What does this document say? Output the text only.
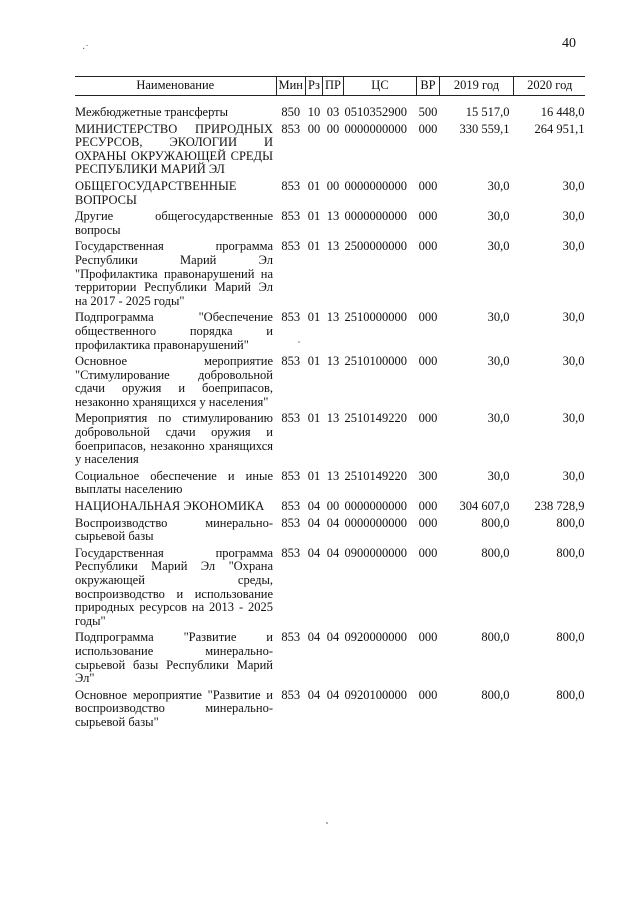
40
·˙
Наименование	Мин	Рз	ПР	ЦС	ВР	2019 год	2020 год

Межбюджетные трансферты	850	10	03	0510352900	500	15 517,0	16 448,0
МИНИСТЕРСТВО ПРИРОДНЫХ РЕСУРСОВ, ЭКОЛОГИИ И ОХРАНЫ ОКРУЖАЮЩЕЙ СРЕДЫ РЕСПУБЛИКИ МАРИЙ ЭЛ	853	00	00	0000000000	000	330 559,1	264 951,1
ОБЩЕГОСУДАРСТВЕННЫЕ ВОПРОСЫ	853	01	00	0000000000	000	30,0	30,0
Другие общегосударственные вопросы	853	01	13	0000000000	000	30,0	30,0
Государственная программа Республики Марий Эл "Профилактика правонарушений на территории Республики Марий Эл на 2017 - 2025 годы"	853	01	13	2500000000	000	30,0	30,0
Подпрограмма "Обеспечение общественного порядка и профилактика правонарушений"	853	01	13	2510000000	000	30,0	30,0
Основное мероприятие "Стимулирование добровольной сдачи оружия и боеприпасов, незаконно хранящихся у населения"	853	01	13	2510100000	000	30,0	30,0
Мероприятия по стимулированию добровольной сдачи оружия и боеприпасов, незаконно хранящихся у населения	853	01	13	2510149220	000	30,0	30,0
Социальное обеспечение и иные выплаты населению	853	01	13	2510149220	300	30,0	30,0
НАЦИОНАЛЬНАЯ ЭКОНОМИКА	853	04	00	0000000000	000	304 607,0	238 728,9
Воспроизводство минерально-сырьевой базы	853	04	04	0000000000	000	800,0	800,0
Государственная программа Республики Марий Эл "Охрана окружающей среды, воспроизводство и использование природных ресурсов на 2013 - 2025 годы"	853	04	04	0900000000	000	800,0	800,0
Подпрограмма "Развитие и использование минерально-сырьевой базы Республики Марий Эл"	853	04	04	0920000000	000	800,0	800,0
Основное мероприятие "Развитие и воспроизводство минерально-сырьевой базы"	853	04	04	0920100000	000	800,0	800,0
